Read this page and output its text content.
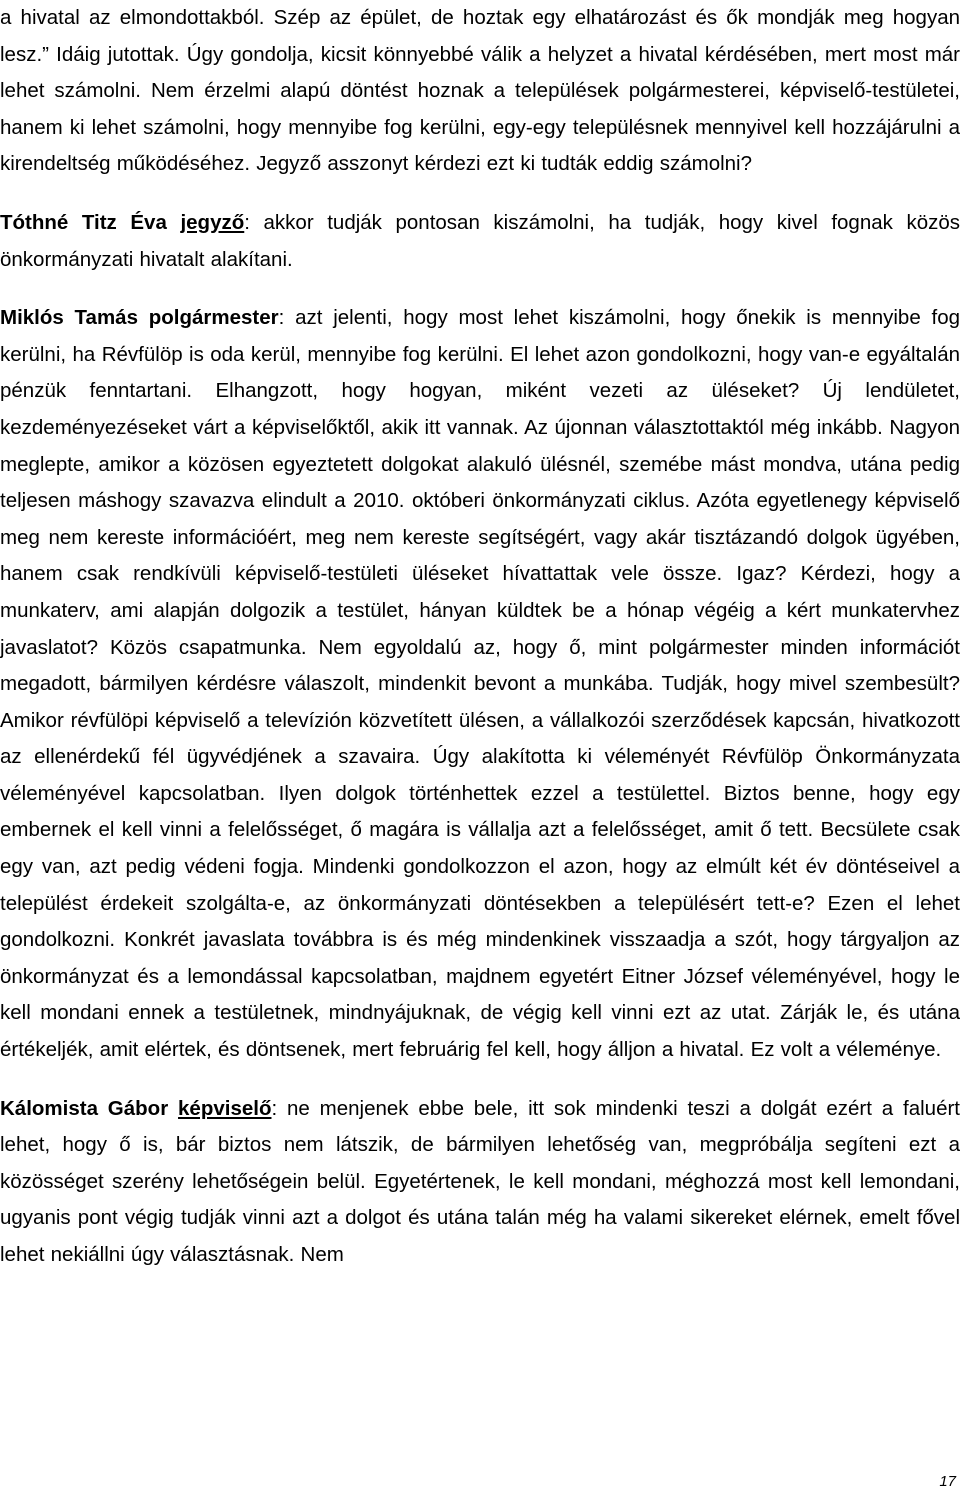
a hivatal az elmondottakból. Szép az épület, de hoztak egy elhatározást és ők mondják meg hogyan lesz.” Idáig jutottak. Úgy gondolja, kicsit könnyebbé válik a helyzet a hivatal kérdésében, mert most már lehet számolni. Nem érzelmi alapú döntést hoznak a települések polgármesterei, képviselő-testületei, hanem ki lehet számolni, hogy mennyibe fog kerülni, egy-egy településnek mennyivel kell hozzájárulni a kirendeltség működéséhez. Jegyző asszonyt kérdezi ezt ki tudták eddig számolni?

Tóthné Titz Éva jegyző: akkor tudják pontosan kiszámolni, ha tudják, hogy kivel fognak közös önkormányzati hivatalt alakítani.

Miklós Tamás polgármester: azt jelenti, hogy most lehet kiszámolni, hogy őnekik is mennyibe fog kerülni, ha Révfülöp is oda kerül, mennyibe fog kerülni. El lehet azon gondolkozni, hogy van-e egyáltalán pénzük fenntartani. Elhangzott, hogy hogyan, miként vezeti az üléseket? Új lendületet, kezdeményezéseket várt a képviselőktől, akik itt vannak. Az újonnan választottaktól még inkább. Nagyon meglepte, amikor a közösen egyeztetett dolgokat alakuló ülésnél, szemébe mást mondva, utána pedig teljesen máshogy szavazva elindult a 2010. októberi önkormányzati ciklus. Azóta egyetlenegy képviselő meg nem kereste információért, meg nem kereste segítségért, vagy akár tisztázandó dolgok ügyében, hanem csak rendkívüli képviselő-testületi üléseket hívattattak vele össze. Igaz? Kérdezi, hogy a munkaterv, ami alapján dolgozik a testület, hányan küldtek be a hónap végéig a kért munkatervhez javaslatot? Közös csapatmunka. Nem egyoldalú az, hogy ő, mint polgármester minden információt megadott, bármilyen kérdésre válaszolt, mindenkit bevont a munkába. Tudják, hogy mivel szembesült? Amikor révfülöpi képviselő a televízión közvetített ülésen, a vállalkozói szerződések kapcsán, hivatkozott az ellenérdekű fél ügyvédjének a szavaira. Úgy alakította ki véleményét Révfülöp Önkormányzata véleményével kapcsolatban. Ilyen dolgok történhettek ezzel a testülettel. Biztos benne, hogy egy embernek el kell vinni a felelősséget, ő magára is vállalja azt a felelősséget, amit ő tett. Becsülete csak egy van, azt pedig védeni fogja. Mindenki gondolkozzon el azon, hogy az elmúlt két év döntéseivel a települést érdekeit szolgálta-e, az önkormányzati döntésekben a településért tett-e? Ezen el lehet gondolkozni. Konkrét javaslata továbbra is és még mindenkinek visszaadja a szót, hogy tárgyaljon az önkormányzat és a lemondással kapcsolatban, majdnem egyetért Eitner József véleményével, hogy le kell mondani ennek a testületnek, mindnyájuknak, de végig kell vinni ezt az utat. Zárják le, és utána értékeljék, amit elértek, és döntsenek, mert februárig fel kell, hogy álljon a hivatal. Ez volt a véleménye.

Kálomista Gábor képviselő: ne menjenek ebbe bele, itt sok mindenki teszi a dolgát ezért a faluért lehet, hogy ő is, bár biztos nem látszik, de bármilyen lehetőség van, megpróbálja segíteni ezt a közösséget szerény lehetőségein belül. Egyetértenek, le kell mondani, méghozzá most kell lemondani, ugyanis pont végig tudják vinni azt a dolgot és utána talán még ha valami sikereket elérnek, emelt fővel lehet nekiállni úgy választásnak. Nem

17
